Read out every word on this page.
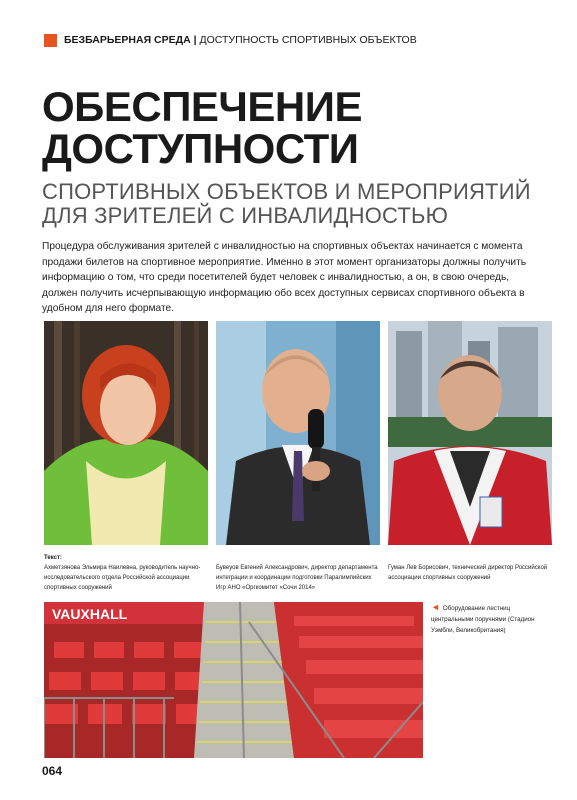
БЕЗБАРЬЕРНАЯ СРЕДА | ДОСТУПНОСТЬ СПОРТИВНЫХ ОБЪЕКТОВ
ОБЕСПЕЧЕНИЕ
ДОСТУПНОСТИ
СПОРТИВНЫХ ОБЪЕКТОВ И МЕРОПРИЯТИЙ
ДЛЯ ЗРИТЕЛЕЙ С ИНВАЛИДНОСТЬЮ

Процедура обслуживания зрителей с инвалидностью на спортивных объектах начинается с момента продажи билетов на спортивное мероприятие. Именно в этот момент организаторы должны получить информацию о том, что среди посетителей будет человек с инвалидностью, а он, в свою очередь, должен получить исчерпывающую информацию обо всех доступных сервисах спортивного объекта в удобном для него формате.

Текст:
Ахметзянова Эльмира Наилевна, руководитель научно-исследовательского отдела Российской ассоциации спортивных сооружений
Бувеуов Евгений Александрович, директор департамента интеграции и координации подготовки Паралимпийских Игр АНО «Оргкомитет «Сочи 2014»
Гуман Лев Борисович, технический директор Российской ассоциации спортивных сооружений
VAUXHALL	◄ Оборудование лестниц центральными поручнями (Стадион Уэмбли, Великобритания)
064
